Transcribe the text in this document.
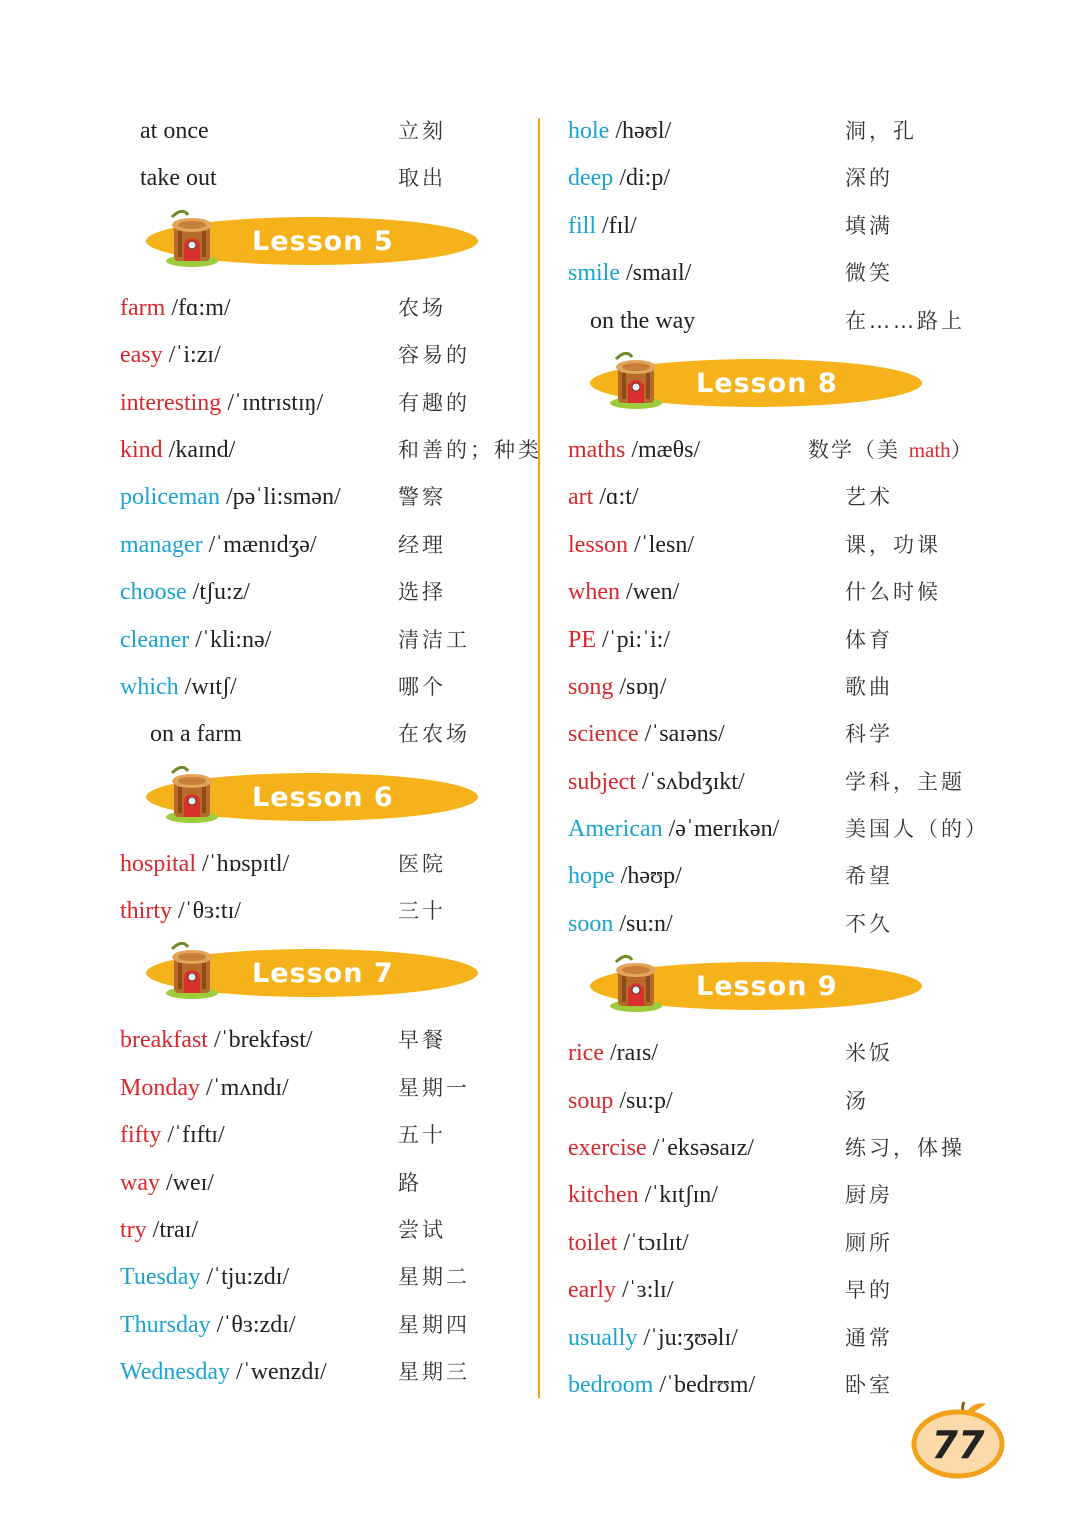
at once	立刻
take out	取出
Lesson 5
farm /fɑ:m/	农场
easy /ˈi:zɪ/	容易的
interesting /ˈɪntrɪstɪŋ/	有趣的
kind /kaɪnd/	和善的；种类
policeman /pəˈli:smən/	警察
manager /ˈmænɪdʒə/	经理
choose /tʃu:z/	选择
cleaner /ˈkli:nə/	清洁工
which /wɪtʃ/	哪个
on a farm	在农场
Lesson 6
hospital /ˈhɒspɪtl/	医院
thirty /ˈθɜ:tɪ/	三十
Lesson 7
breakfast /ˈbrekfəst/	早餐
Monday /ˈmʌndɪ/	星期一
fifty /ˈfɪftɪ/	五十
way /weɪ/	路
try /traɪ/	尝试
Tuesday /ˈtju:zdɪ/	星期二
Thursday /ˈθɜ:zdɪ/	星期四
Wednesday /ˈwenzdɪ/	星期三
hole /həʊl/	洞，孔
deep /di:p/	深的
fill /fɪl/	填满
smile /smaɪl/	微笑
on the way	在……路上
Lesson 8
maths /mæθs/	数学（美 math）
art /ɑ:t/	艺术
lesson /ˈlesn/	课，功课
when /wen/	什么时候
PE /ˈpi:ˈi:/	体育
song /sɒŋ/	歌曲
science /ˈsaɪəns/	科学
subject /ˈsʌbdʒɪkt/	学科，主题
American /əˈmerɪkən/	美国人（的）
hope /həʊp/	希望
soon /su:n/	不久
Lesson 9
rice /raɪs/	米饭
soup /su:p/	汤
exercise /ˈeksəsaɪz/	练习，体操
kitchen /ˈkɪtʃɪn/	厨房
toilet /ˈtɔɪlɪt/	厕所
early /ˈɜ:lɪ/	早的
usually /ˈju:ʒʊəlɪ/	通常
bedroom /ˈbedrʊm/	卧室
77
